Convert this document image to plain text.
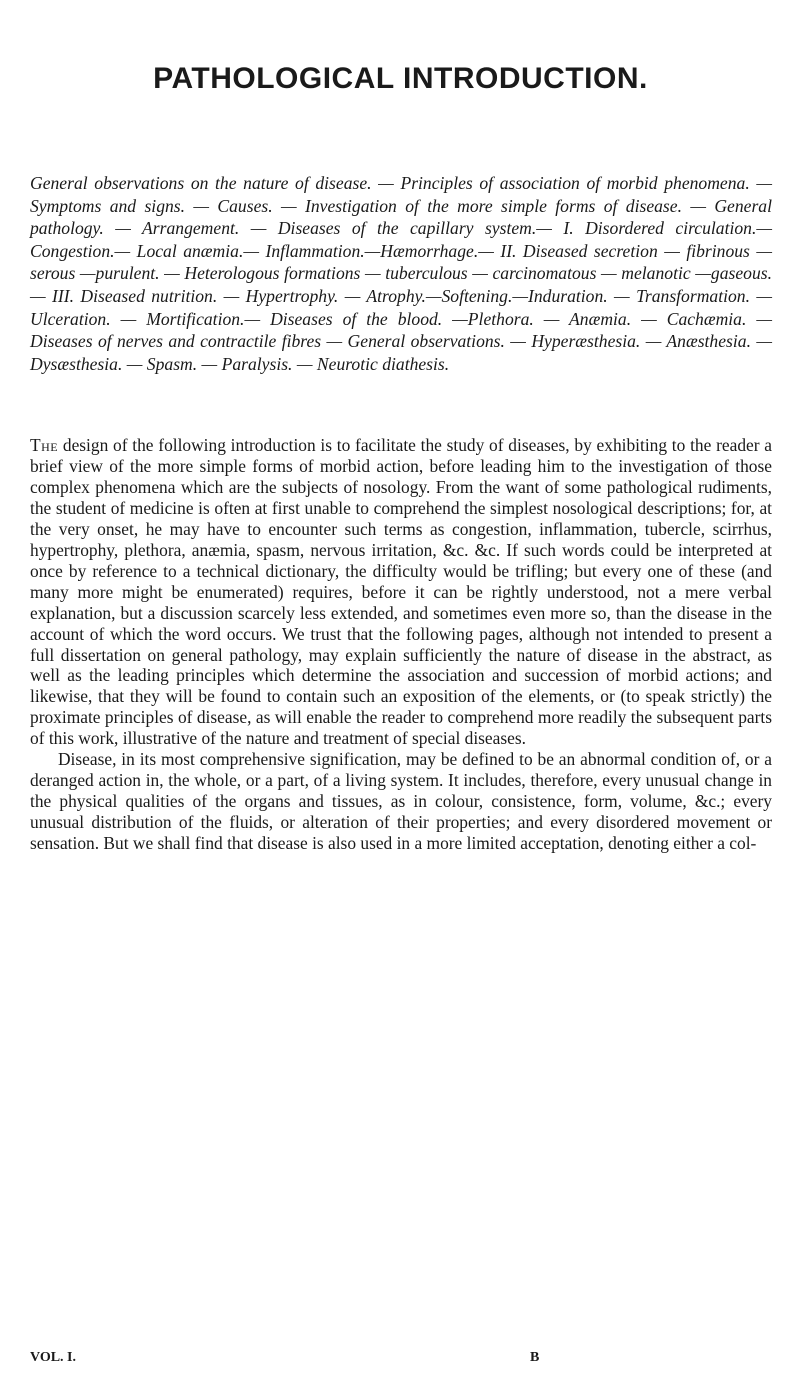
PATHOLOGICAL INTRODUCTION.

General observations on the nature of disease. — Principles of association of morbid phenomena. — Symptoms and signs. — Causes. — Investigation of the more simple forms of disease. — General pathology. — Arrangement. — Diseases of the capillary system.— I. Disordered circulation.— Congestion.— Local anæmia.— Inflammation.—Hæmorrhage.— II. Diseased secretion — fibrinous — serous —purulent. — Heterologous formations — tuberculous — carcinomatous — melanotic —gaseous. — III. Diseased nutrition. — Hypertrophy. — Atrophy.—Softening.—Induration. — Transformation. — Ulceration. — Mortification.— Diseases of the blood. —Plethora. — Anæmia. — Cachæmia. — Diseases of nerves and contractile fibres — General observations. — Hyperæsthesia. — Anæsthesia. — Dysæsthesia. — Spasm. — Paralysis. — Neurotic diathesis.

The design of the following introduction is to facilitate the study of diseases, by exhibiting to the reader a brief view of the more simple forms of morbid action, before leading him to the investigation of those complex phenomena which are the subjects of nosology. From the want of some pathological rudiments, the student of medicine is often at first unable to comprehend the simplest nosological descriptions; for, at the very onset, he may have to encounter such terms as congestion, inflammation, tubercle, scirrhus, hypertrophy, plethora, anæmia, spasm, nervous irritation, &c. &c. If such words could be interpreted at once by reference to a technical dictionary, the difficulty would be trifling; but every one of these (and many more might be enumerated) requires, before it can be rightly understood, not a mere verbal explanation, but a discussion scarcely less extended, and sometimes even more so, than the disease in the account of which the word occurs. We trust that the following pages, although not intended to present a full dissertation on general pathology, may explain sufficiently the nature of disease in the abstract, as well as the leading principles which determine the association and succession of morbid actions; and likewise, that they will be found to contain such an exposition of the elements, or (to speak strictly) the proximate principles of disease, as will enable the reader to comprehend more readily the subsequent parts of this work, illustrative of the nature and treatment of special diseases.

Disease, in its most comprehensive signification, may be defined to be an abnormal condition of, or a deranged action in, the whole, or a part, of a living system. It includes, therefore, every unusual change in the physical qualities of the organs and tissues, as in colour, consistence, form, volume, &c.; every unusual distribution of the fluids, or alteration of their properties; and every disordered movement or sensation. But we shall find that disease is also used in a more limited acceptation, denoting either a col-

VOL. I.	B
